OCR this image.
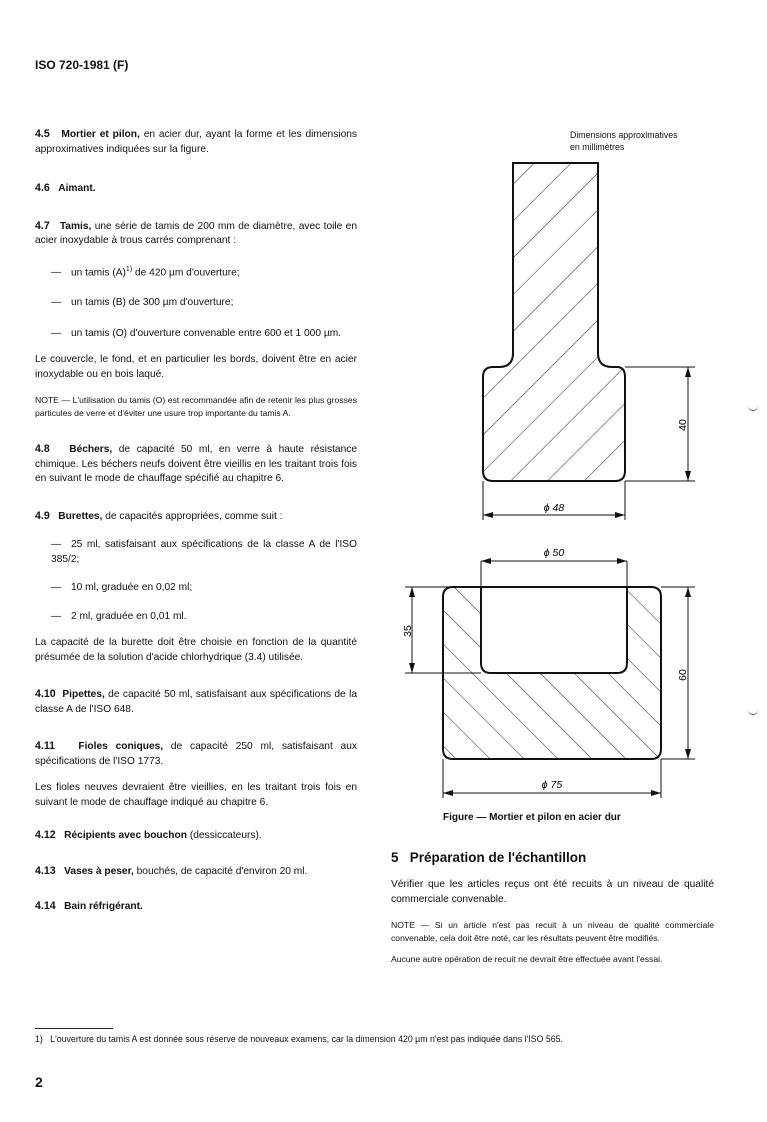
ISO 720-1981 (F)

4.5 Mortier et pilon, en acier dur, ayant la forme et les dimensions approximatives indiquées sur la figure.

4.6 Aimant.

4.7 Tamis, une série de tamis de 200 mm de diamètre, avec toile en acier inoxydable à trous carrés comprenant :

— un tamis $(A)^{1)}$ de 420 µm d'ouverture;

— un tamis (B) de 300 µm d'ouverture;

— un tamis (O) d'ouverture convenable entre 600 et 1 000 µm.

Le couvercle, le fond, et en particulier les bords, doivent être en acier inoxydable ou en bois laqué.

NOTE — L'utilisation du tamis (O) est recommandée afin de retenir les plus grosses particules de verre et d'éviter une usure trop importante du tamis A.

4.8 Béchers, de capacité 50 ml, en verre à haute résistance chimique. Les béchers neufs doivent être vieillis en les traitant trois fois en suivant le mode de chauffage spécifié au chapitre 6.

4.9 Burettes, de capacités appropriées, comme suit :

— 25 ml, satisfaisant aux spécifications de la classe A de l'ISO 385/2;

— 10 ml, graduée en 0,02 ml;

— 2 ml, graduée en 0,01 ml.

La capacité de la burette doit être choisie en fonction de la quantité présumée de la solution d'acide chlorhydrique (3.4) utilisée.

4.10 Pipettes, de capacité 50 ml, satisfaisant aux spécifications de la classe A de l'ISO 648.

4.11 Fioles coniques, de capacité 250 ml, satisfaisant aux spécifications de l'ISO 1773.

Les fioles neuves devraient être vieillies, en les traitant trois fois en suivant le mode de chauffage indiqué au chapitre 6.

4.12 Récipients avec bouchon (dessiccateurs).

4.13 Vases à peser, bouchés, de capacité d'environ 20 ml.

4.14 Bain réfrigérant.

Dimensions approximatives
en millimètres
40
ϕ 48
ϕ 50
35
60
ϕ 75
Figure — Mortier et pilon en acier dur
5 Préparation de l'échantillon

Vérifier que les articles reçus ont été recuits à un niveau de qualité commerciale convenable.

NOTE — Si un article n'est pas recuit à un niveau de qualité commerciale convenable, cela doit être noté, car les résultats peuvent être modifiés.

Aucune autre opération de recuit ne devrait être effectuée avant l'essai.

1) L'ouverture du tamis A est donnée sous réserve de nouveaux examens, car la dimension 420 µm n'est pas indiquée dans l'ISO 565.
2
